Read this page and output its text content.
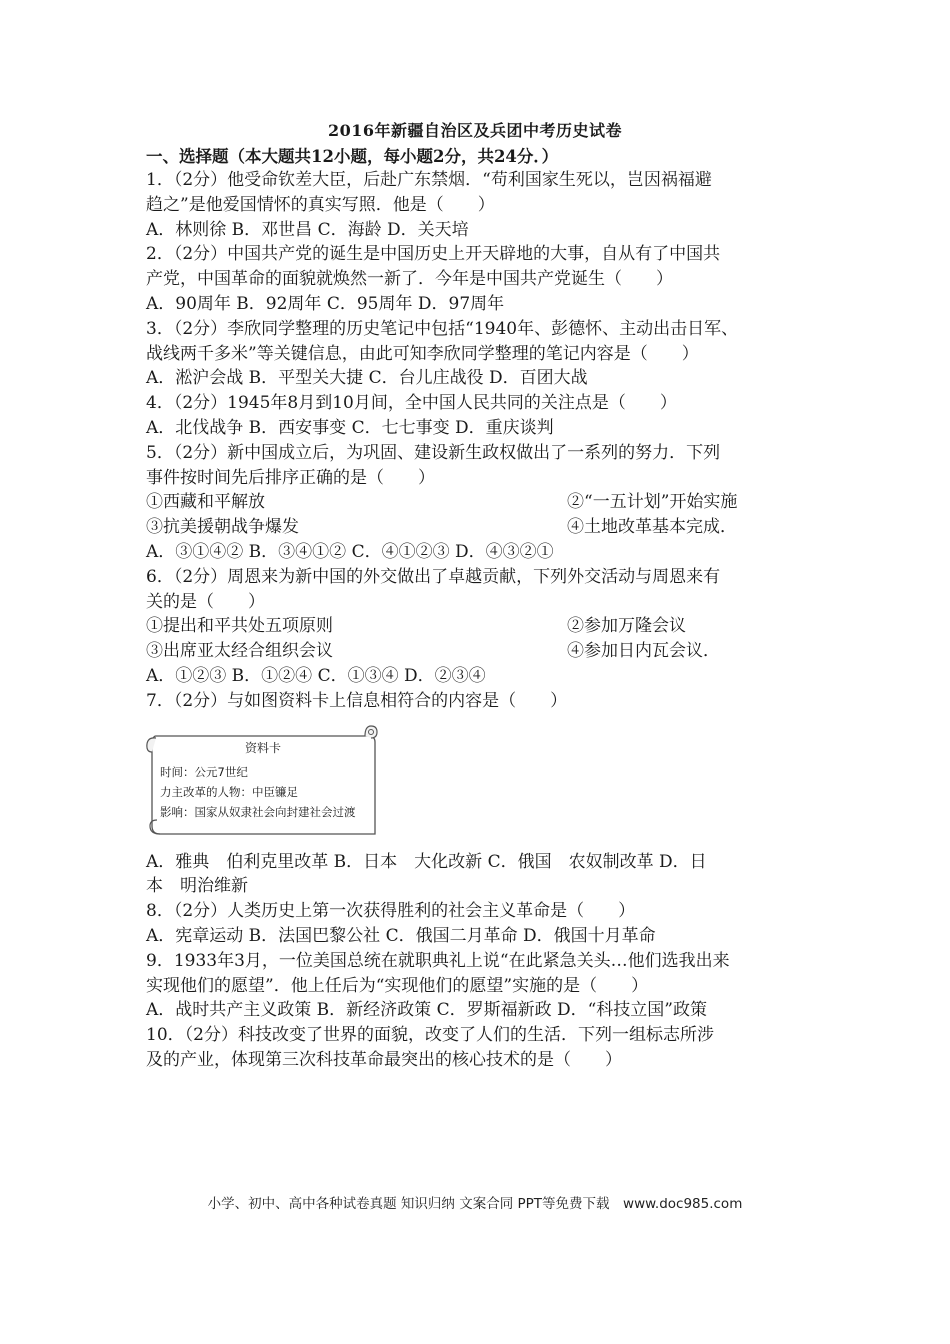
2016年新疆自治区及兵团中考历史试卷
一、选择题（本大题共12小题，每小题2分，共24分．）

1．（2分）他受命钦差大臣，后赴广东禁烟．“苟利国家生死以，岂因祸福避

趋之”是他爱国情怀的真实写照．他是（　　）

A．林则徐 B．邓世昌 C．海龄 D．关天培

2．（2分）中国共产党的诞生是中国历史上开天辟地的大事，自从有了中国共

产党，中国革命的面貌就焕然一新了．今年是中国共产党诞生（　　）

A．90周年 B．92周年 C．95周年 D．97周年

3．（2分）李欣同学整理的历史笔记中包括“1940年、彭德怀、主动出击日军、

战线两千多米”等关键信息，由此可知李欣同学整理的笔记内容是（　　）

A．淞沪会战 B．平型关大捷 C．台儿庄战役 D．百团大战

4．（2分）1945年8月到10月间，全中国人民共同的关注点是（　　）

A．北伐战争 B．西安事变 C．七七事变 D．重庆谈判

5．（2分）新中国成立后，为巩固、建设新生政权做出了一系列的努力．下列

事件按时间先后排序正确的是（　　）

①西藏和平解放	②“一五计划”开始实施

③抗美援朝战争爆发	④土地改革基本完成．

A．③①④② B．③④①② C．④①②③ D．④③②①

6．（2分）周恩来为新中国的外交做出了卓越贡献，下列外交活动与周恩来有

关的是（　　）

①提出和平共处五项原则	②参加万隆会议

③出席亚太经合组织会议	④参加日内瓦会议．

A．①②③ B．①②④ C．①③④ D．②③④

7．（2分）与如图资料卡上信息相符合的内容是（　　）

资料卡
时间：公元7世纪
力主改革的人物：中臣镰足
影响：国家从奴隶社会向封建社会过渡

A．雅典　伯利克里改革 B．日本　大化改新 C．俄国　农奴制改革 D．日

本　明治维新

8．（2分）人类历史上第一次获得胜利的社会主义革命是（　　）

A．宪章运动 B．法国巴黎公社 C．俄国二月革命 D．俄国十月革命

9．1933年3月，一位美国总统在就职典礼上说“在此紧急关头…他们选我出来

实现他们的愿望”．他上任后为“实现他们的愿望”实施的是（　　）

A．战时共产主义政策 B．新经济政策 C．罗斯福新政 D．“科技立国”政策

10．（2分）科技改变了世界的面貌，改变了人们的生活．下列一组标志所涉

及的产业，体现第三次科技革命最突出的核心技术的是（　　）

小学、初中、高中各种试卷真题 知识归纳 文案合同 PPT等免费下载　www.doc985.com
